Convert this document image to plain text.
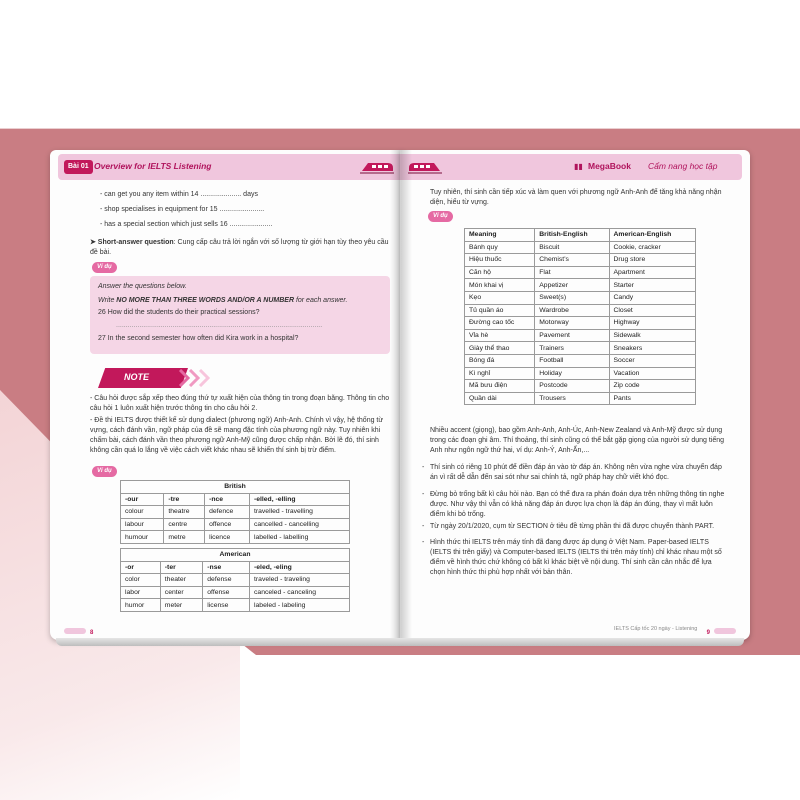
Bài 01 Overview for IELTS Listening
- can get you any item within 14 ..................... days
- shop specialises in equipment for 15 .......................
- has a special section which just sells 16 ......................
➤ Short-answer question: Cung cấp câu trả lời ngắn với số lượng từ giới hạn tùy theo yêu cầu đề bài.
Ví dụ
Answer the questions below.
Write NO MORE THAN THREE WORDS AND/OR A NUMBER for each answer.
26 How did the students do their practical sessions?
..........................................................................................................
27 In the second semester how often did Kira work in a hospital?
NOTE
- Câu hỏi được sắp xếp theo đúng thứ tự xuất hiện của thông tin trong đoạn băng. Thông tin cho câu hỏi 1 luôn xuất hiện trước thông tin cho câu hỏi 2.
- Đề thi IELTS được thiết kế sử dụng dialect (phương ngữ) Anh-Anh. Chính vì vậy, hệ thống từ vựng, cách đánh vần, ngữ pháp của đề sẽ mang đặc tính của phương ngữ này. Tuy nhiên khi chấm bài, cách đánh vần theo phương ngữ Anh-Mỹ cũng được chấp nhận. Bởi lẽ đó, thí sinh không cần quá lo lắng về việc cách viết khác nhau sẽ khiến thí sinh bị trừ điểm.
Ví dụ
British			
-our	-tre	-nce	-elled, -elling
colour	theatre	defence	travelled - travelling
labour	centre	offence	cancelled - cancelling
humour	metre	licence	labelled - labelling
American			
-or	-ter	-nse	-eled, -eling
color	theater	defense	traveled - traveling
labor	center	offense	canceled - canceling
humor	meter	license	labeled - labeling
8
▮▮ MegaBook Cẩm nang học tập
Tuy nhiên, thí sinh cần tiếp xúc và làm quen với phương ngữ Anh-Anh để tăng khả năng nhận diện, hiểu từ vựng.
Ví dụ
Meaning	British-English	American-English
Bánh quy	Biscuit	Cookie, cracker
Hiệu thuốc	Chemist's	Drug store
Căn hộ	Flat	Apartment
Món khai vị	Appetizer	Starter
Kẹo	Sweet(s)	Candy
Tủ quần áo	Wardrobe	Closet
Đường cao tốc	Motorway	Highway
Vỉa hè	Pavement	Sidewalk
Giày thể thao	Trainers	Sneakers
Bóng đá	Football	Soccer
Kì nghỉ	Holiday	Vacation
Mã bưu điện	Postcode	Zip code
Quần dài	Trousers	Pants
Nhiều accent (giọng), bao gồm Anh-Anh, Anh-Úc, Anh-New Zealand và Anh-Mỹ được sử dụng trong các đoạn ghi âm. Thí thoảng, thí sinh cũng có thể bắt gặp giọng của người sử dụng tiếng Anh như ngôn ngữ thứ hai, ví dụ: Anh-Ý, Anh-Ấn,...
- Thí sinh có riêng 10 phút để điền đáp án vào tờ đáp án. Không nên vừa nghe vừa chuyển đáp án vì rất dễ dẫn đến sai sót như sai chính tả, ngữ pháp hay chữ viết khó đọc.
- Đừng bỏ trống bất kì câu hỏi nào. Bạn có thể đưa ra phán đoán dựa trên những thông tin nghe được. Như vậy thì vẫn có khả năng đáp án được lựa chọn là đáp án đúng, thay vì mất luôn điểm khi bỏ trống.
- Từ ngày 20/1/2020, cụm từ SECTION ở tiêu đề từng phần thi đã được chuyển thành PART.
- Hình thức thi IELTS trên máy tính đã đang được áp dụng ở Việt Nam. Paper-based IELTS (IELTS thi trên giấy) và Computer-based IELTS (IELTS thi trên máy tính) chỉ khác nhau một số điểm về hình thức chứ không có bất kì khác biệt về nội dung. Thí sinh cần cân nhắc để lựa chọn hình thức thi phù hợp nhất với bản thân.
IELTS Cấp tốc 20 ngày - Listening
9
